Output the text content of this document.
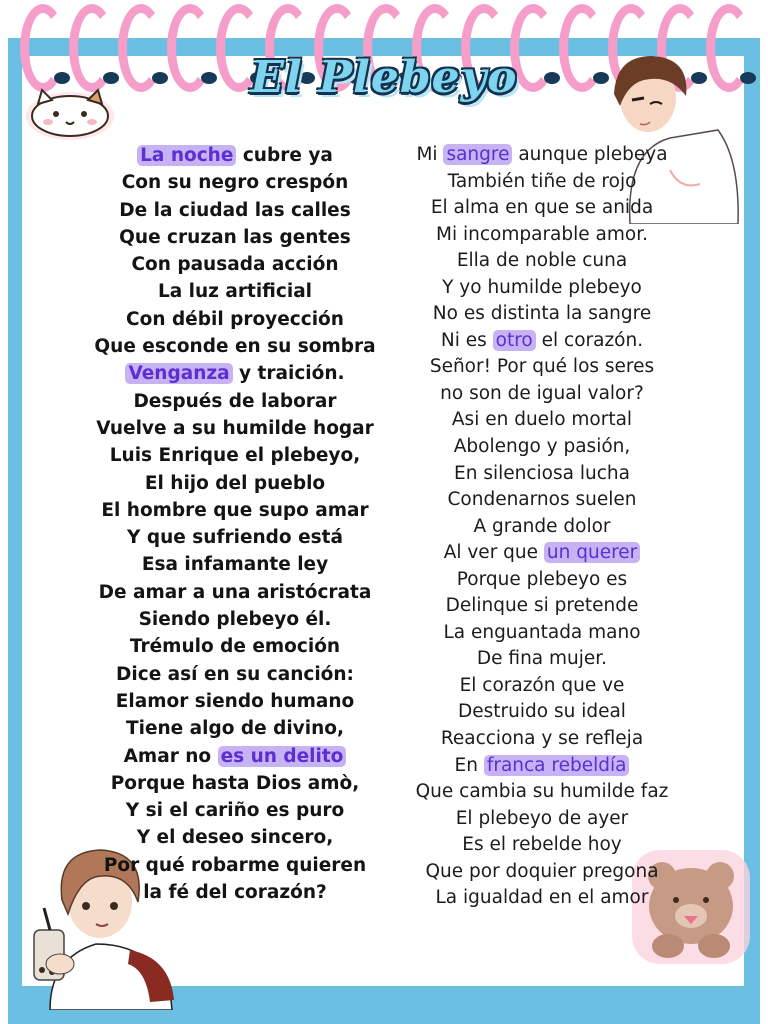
El Plebeyo
La noche cubre ya
Con su negro crespón
De la ciudad las calles
Que cruzan las gentes
Con pausada acción
La luz artificial
Con débil proyección
Que esconde en su sombra
Venganza y traición.
Después de laborar
Vuelve a su humilde hogar
Luis Enrique el plebeyo,
El hijo del pueblo
El hombre que supo amar
Y que sufriendo está
Esa infamante ley
De amar a una aristócrata
Siendo plebeyo él.
Trémulo de emoción
Dice así en su canción:
Elamor siendo humano
Tiene algo de divino,
Amar no es un delito
Porque hasta Dios amò,
Y si el cariño es puro
Y el deseo sincero,
Por qué robarme quieren
la fé del corazón?
Mi sangre aunque plebeya
También tiñe de rojo
El alma en que se anida
Mi incomparable amor.
Ella de noble cuna
Y yo humilde plebeyo
No es distinta la sangre
Ni es otro el corazón.
Señor! Por qué los seres
no son de igual valor?
Asi en duelo mortal
Abolengo y pasión,
En silenciosa lucha
Condenarnos suelen
A grande dolor
Al ver que un querer
Porque plebeyo es
Delinque si pretende
La enguantada mano
De fina mujer.
El corazón que ve
Destruido su ideal
Reacciona y se refleja
En franca rebeldía
Que cambia su humilde faz
El plebeyo de ayer
Es el rebelde hoy
Que por doquier pregona
La igualdad en el amor
